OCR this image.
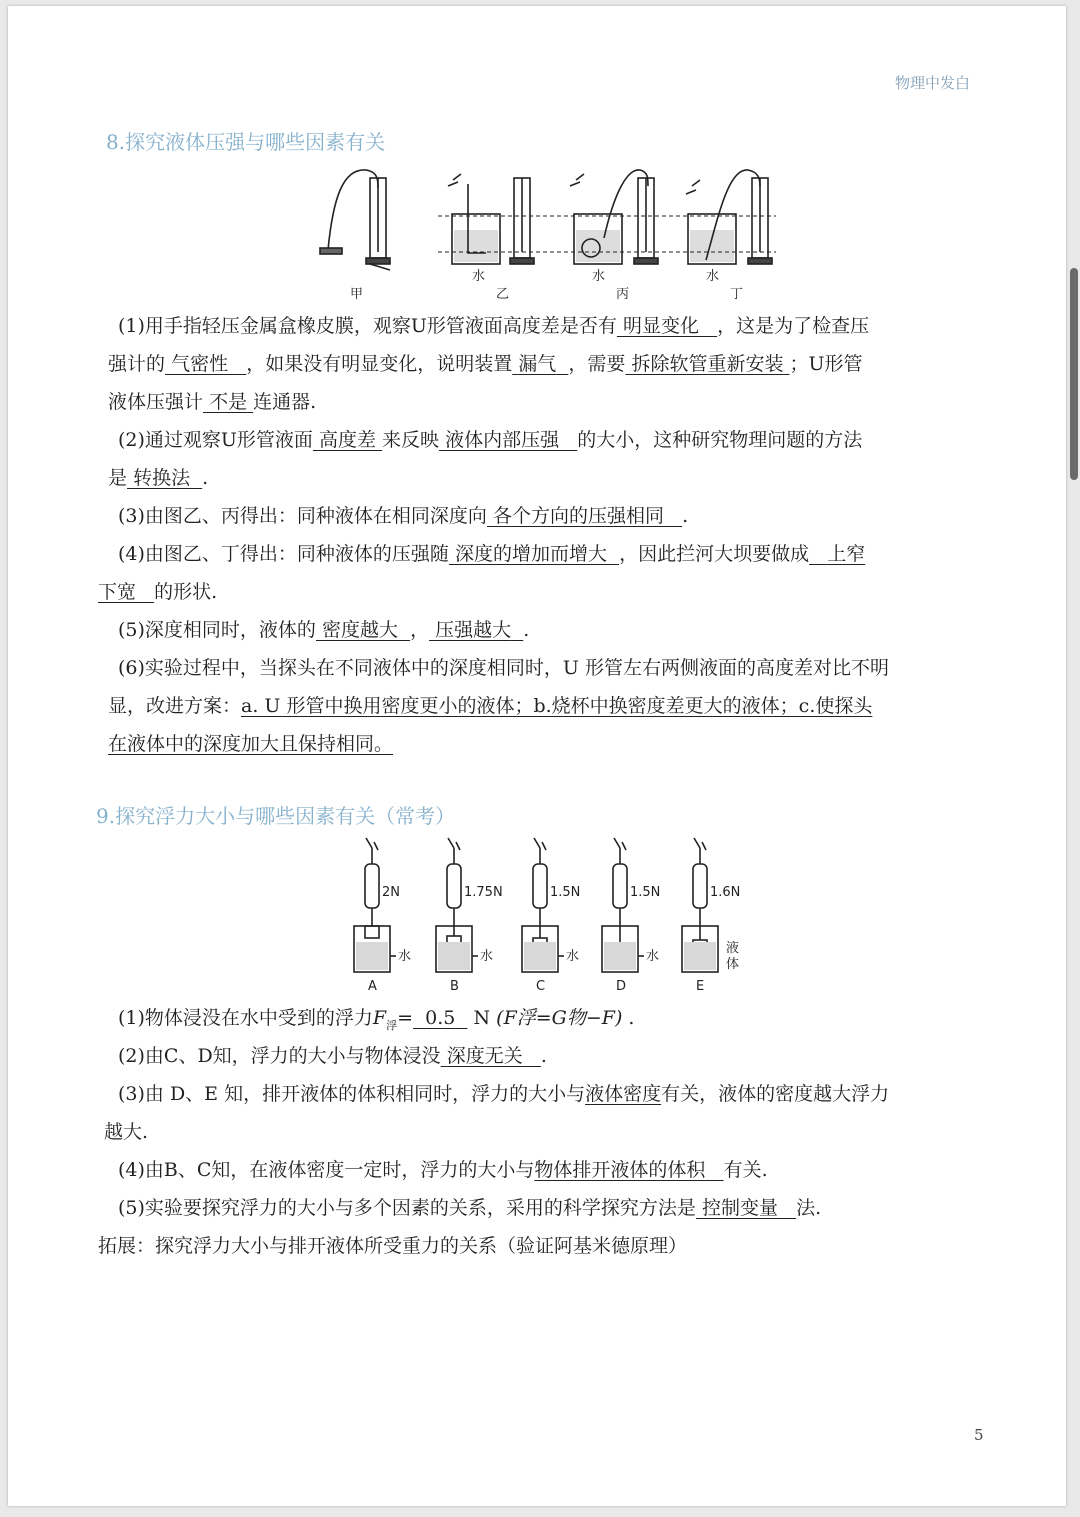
物理中发白
8.探究液体压强与哪些因素有关
甲
水
乙
水
丙
水
丁
(1)用手指轻压金属盒橡皮膜，观察U形管液面高度差是否有 明显变化 ，这是为了检查压
强计的 气密性 ，如果没有明显变化，说明装置 漏气 ，需要 拆除软管重新安装 ；U形管
液体压强计 不是 连通器.
(2)通过观察U形管液面 高度差 来反映 液体内部压强 的大小，这种研究物理问题的方法
是 转换法 .
(3)由图乙、丙得出：同种液体在相同深度向 各个方向的压强相同 .
(4)由图乙、丁得出：同种液体的压强随 深度的增加而增大 ，因此拦河大坝要做成 上窄
下宽 的形状.
(5)深度相同时，液体的 密度越大 ， 压强越大 .
(6)实验过程中，当探头在不同液体中的深度相同时，U 形管左右两侧液面的高度差对比不明
显，改进方案：a. U 形管中换用密度更小的液体；b.烧杯中换密度差更大的液体；c.使探头
在液体中的深度加大且保持相同。
9.探究浮力大小与哪些因素有关（常考）
2N
A
水
1.75N
B
水
1.5N
C
水
1.5N
D
水
1.6N
E
液
体
(1)物体浸没在水中受到的浮力$F_浮= 0.5$ N (F浮=G物−F) .
(2)由C、D知，浮力的大小与物体浸没 深度无关 .
(3)由 D、E 知，排开液体的体积相同时，浮力的大小与液体密度有关，液体的密度越大浮力
越大.
(4)由B、C知，在液体密度一定时，浮力的大小与物体排开液体的体积 有关.
(5)实验要探究浮力的大小与多个因素的关系，采用的科学探究方法是 控制变量 法.
拓展：探究浮力大小与排开液体所受重力的关系（验证阿基米德原理）
5
